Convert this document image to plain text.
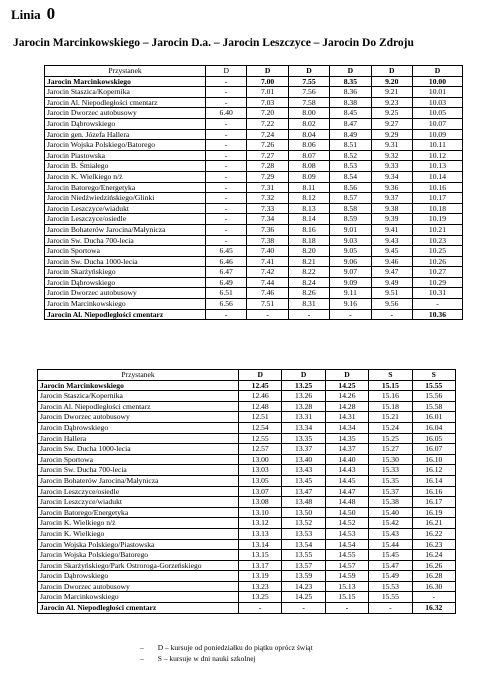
Linia 0
Jarocin Marcinkowskiego – Jarocin D.a. – Jarocin Leszczyce – Jarocin Do Zdroju
Przystanek	D	D	D	D	D	D
Jarocin Marcinkowskiego	-	7.00	7.55	8.35	9.20	10.00
Jarocin Staszica/Kopernika	-	7.01	7.56	8.36	9.21	10.01
Jarocin Al. Niepodległości cmentarz	-	7.03	7.58	8.38	9.23	10.03
Jarocin Dworzec autobusowy	6.40	7.20	8.00	8.45	9.25	10.05
Jarocin Dąbrowskiego	-	7.22	8.02	8.47	9.27	10.07
Jarocin gen. Józefa Hallera	-	7.24	8.04	8.49	9.29	10.09
Jarocin Wojska Polskiego/Batorego	-	7.26	8.06	8.51	9.31	10.11
Jarocin Piastowska	-	7.27	8.07	8.52	9.32	10.12
Jarocin B. Śmiałego	-	7.28	8.08	8.53	9.33	10.13
Jarocin K. Wielkiego n/ż	-	7.29	8.09	8.54	9.34	10.14
Jarocin Batorego/Energetyka	-	7.31	8.11	8.56	9.36	10.16
Jarocin Niedźwiedzińskiego/Glinki	-	7.32	8.12	8.57	9.37	10.17
Jarocin Leszczyce/wiadukt	-	7.33	8.13	8.58	9.38	10.18
Jarocin Leszczyce/osiedle	-	7.34	8.14	8.59	9.39	10.19
Jarocin Bohaterów Jarocina/Małynicza	-	7.36	8.16	9.01	9.41	10.21
Jarocin Sw. Ducha 700-lecia	-	7.38	8.18	9.03	9.43	10.23
Jarocin Sportowa	6.45	7.40	8.20	9.05	9.45	10.25
Jarocin Sw. Ducha 1000-lecia	6.46	7.41	8.21	9.06	9.46	10.26
Jarocin Skarżyńskiego	6.47	7.42	8.22	9.07	9.47	10.27
Jarocin Dąbrowskiego	6.49	7.44	8.24	9.09	9.49	10.29
Jarocin Dworzec autobusowy	6.51	7.46	8.26	9.11	9.51	10.31
Jarocin Marcinkowskiego	6.56	7.51	8.31	9.16	9.56	-
Jarocin Al. Niepodległości cmentarz	-	-	-	-	-	10.36
Przystanek	D	D	D	S	S
Jarocin Marcinkowskiego	12.45	13.25	14.25	15.15	15.55
Jarocin Staszica/Kopernika	12.46	13.26	14.26	15.16	15.56
Jarocin Al. Niepodległości cmentarz	12.48	13.28	14.28	15.18	15.58
Jarocin Dworzec autobusowy	12.51	13.31	14.31	15.21	16.01
Jarocin Dąbrowskiego	12.54	13.34	14.34	15.24	16.04
Jarocin Hallera	12.55	13.35	14.35	15.25	16.05
Jarocin Sw. Ducha 1000-lecia	12.57	13.37	14.37	15.27	16.07
Jarocin Sportowa	13.00	13.40	14.40	15.30	16.10
Jarocin Sw. Ducha 700-lecia	13.03	13.43	14.43	15.33	16.12
Jarocin Bohaterów Jarocina/Małynicza	13.05	13.45	14.45	15.35	16.14
Jarocin Leszczyce/osiedle	13.07	13.47	14.47	15.37	16.16
Jarocin Leszczyce/wiadukt	13.08	13.48	14.48	15.38	16.17
Jarocin Batorego/Energetyka	13.10	13.50	14.50	15.40	16.19
Jarocin K. Wielkiego n/ż	13.12	13.52	14.52	15.42	16.21
Jarocin K. Wielkiego	13.13	13.53	14.53	15.43	16.22
Jarocin Wojska Polskiego/Piastowska	13.14	13.54	14.54	15.44	16.23
Jarocin Wojska Polskiego/Batorego	13.15	13.55	14.55	15.45	16.24
Jarocin Skarżyńskiego/Park Ostroroga-Gorzeńskiego	13.17	13.57	14.57	15.47	16.26
Jarocin Dąbrowskiego	13.19	13.59	14.59	15.49	16.28
Jarocin Dworzec autobusowy	13.23	14.23	15.13	15.53	16.30
Jarocin Marcinkowskiego	13.25	14.25	15.15	15.55	-
Jarocin Al. Niepodległości cmentarz	-	-	-	-	16.32
– D – kursuje od poniedziałku do piątku oprócz świąt
– S – kursuje w dni nauki szkolnej
